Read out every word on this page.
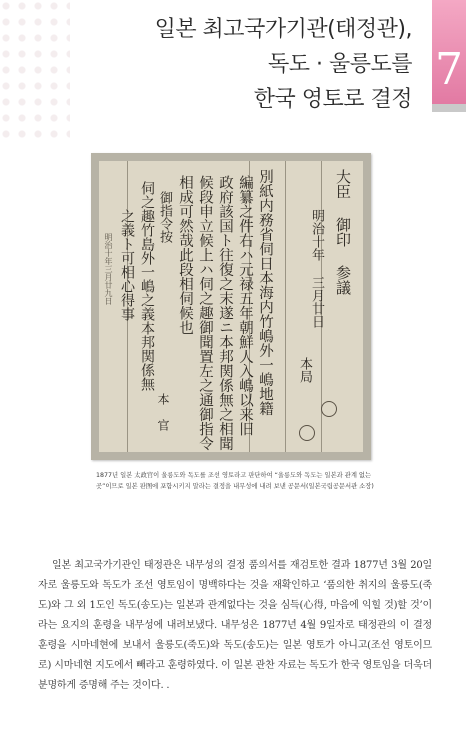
일본 최고국가기관(태정관),
독도 · 울릉도를
한국 영토로 결정
7
大臣 御印 参議
明治十年 三月廿日
本局
別紙内務省伺日本海内竹嶋外一嶋地籍
編纂之件右ハ元禄五年朝鮮人入嶋以来旧
政府該国ト往復之末遂ニ本邦関係無之相聞
候段申立候上ハ伺之趣御聞置左之通御指令
相成可然哉此段相伺候也
御指令按
伺之趣竹島外一嶋之義本邦関係無
之義ト可相心得事
明治十年三月廿九日
本 官
1877년 일본 太政官이 울릉도와 독도를 조선 영토라고 판단하여 “울릉도와 독도는 일본과 관계 없는 곳”이므로 일본 판图에 포함시키지 말라는 결정을 내무성에 내려 보낸 공문서(일본국립공문서관 소장)
일본 최고국가기관인 태정관은 내무성의 결정 품의서를 재검토한 결과 1877년 3월 20일자로 울릉도와 독도가 조선 영토임이 명백하다는 것을 재확인하고 ‘품의한 취지의 울릉도(죽도)와 그 외 1도인 독도(송도)는 일본과 관계없다는 것을 심득(心得, 마음에 익힐 것)할 것’이라는 요지의 훈령을 내무성에 내려보냈다. 내무성은 1877년 4월 9일자로 태정관의 이 결정 훈령을 시마네현에 보내서 울릉도(죽도)와 독도(송도)는 일본 영토가 아니고(조선 영토이므로) 시마네현 지도에서 빼라고 훈령하였다. 이 일본 관찬 자료는 독도가 한국 영토임을 더욱더 분명하게 증명해 주는 것이다. .
